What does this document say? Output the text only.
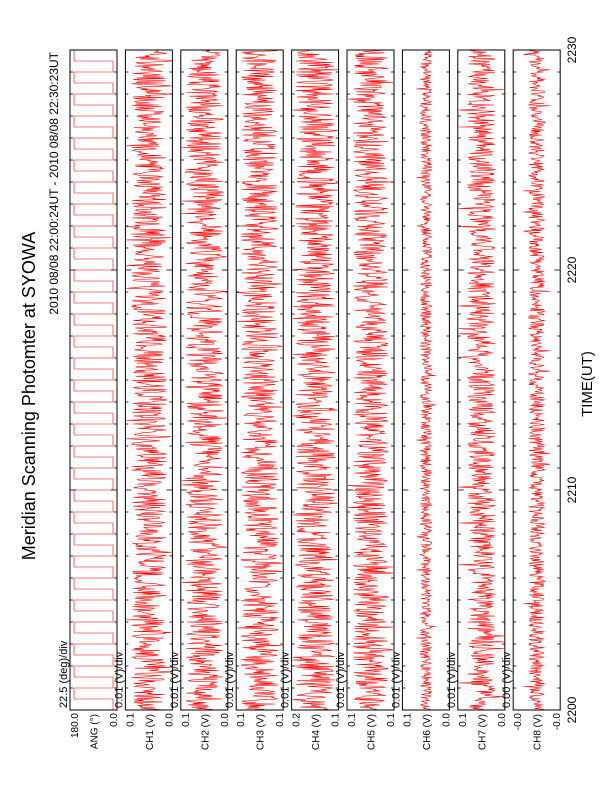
Meridian Scanning Photomter at SYOWA
2010 08/08 22:00:24UT - 2010 08/08 22:30:23UT
22.5 (deg)/div
180.0	0.0
ANG (°)
0.01 (V)/div
0.1	0.0
CH1 (V)
0.01 (V)/div
0.1	0.0
CH2 (V)
0.01 (V)/div
0.1	0.1
CH3 (V)
0.01 (V)/div
0.2	0.1
CH4 (V)
0.01 (V)/div
0.1	0.1
CH5 (V)
0.01 (V)/div
0.1	0.0
CH6 (V)
0.01 (V)/div
0.1	0.0
CH7 (V)
0.00 (V)/div
-0.0	-0.0
CH8 (V)
2200
2210
2220
2230
TIME(UT)
